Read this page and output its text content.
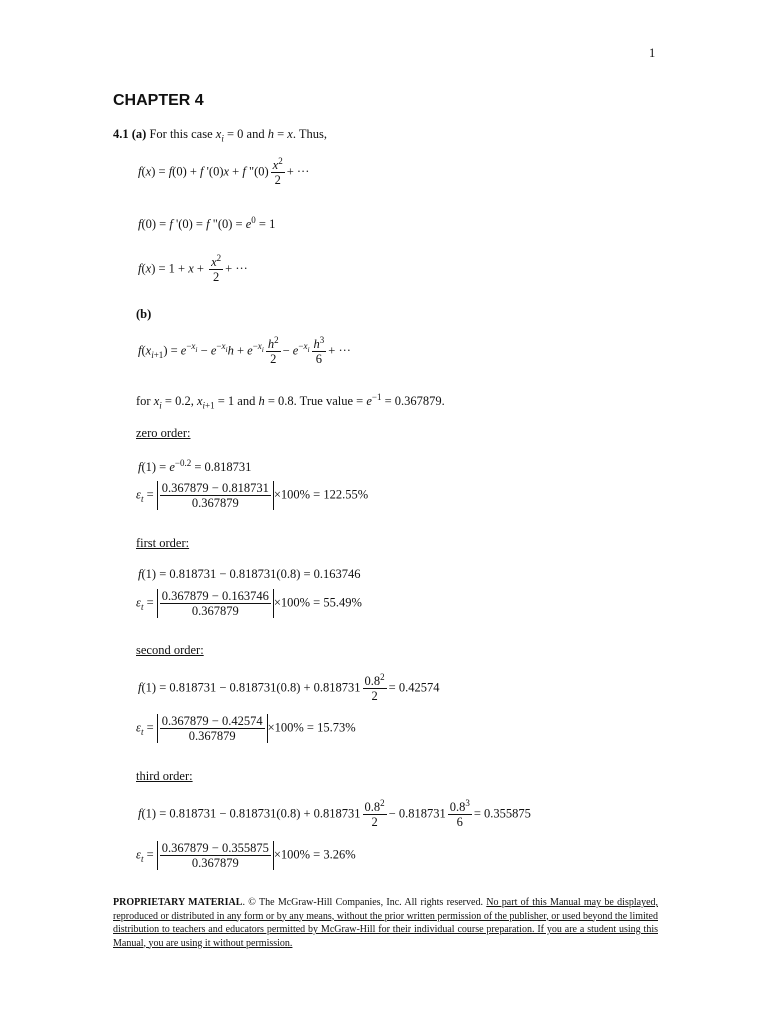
1
CHAPTER 4
4.1 (a) For this case $x_i = 0$ and h = x. Thus,
f(x) = f(0) + f '(0)x + f "$(0) \frac{x^2}{2}$ + ···
f(0) = f '(0) = f "$(0) = e^0 = 1$
$f(x) = 1 + x + \frac{x^2}{2}$ + ···
(b)
$f(x_{i+1}) = e^{-x_i} - e^{-x_i}h + e^{-x_i} \frac{h^2}{2} - e^{-x_i} \frac{h^3}{6}$ + ···
for $x_i = 0.2$, $x_{i+1} = 1$ and h = 0.8. True value = $e^{-1} = 0.367879$.
zero order:
$f(1) = e^{-0.2} = 0.818731$
$\varepsilon_t = \frac{0.367879 - 0.818731}{0.367879} \times 100\% = 122.55\%$
first order:
f(1) = 0.818731 − 0.818731(0.8) = 0.163746
$\varepsilon_t = \frac{0.367879 - 0.163746}{0.367879} \times 100\% = 55.49\%$
second order:
$f(1) = 0.818731 - 0.818731(0.8) + 0.818731 \frac{0.8^2}{2} = 0.42574$
$\varepsilon_t = \frac{0.367879 - 0.42574}{0.367879} \times 100\% = 15.73\%$
third order:
$f(1) = 0.818731 - 0.818731(0.8) + 0.818731 \frac{0.8^2}{2} - 0.818731 \frac{0.8^3}{6} = 0.355875$
$\varepsilon_t = \frac{0.367879 - 0.355875}{0.367879} \times 100\% = 3.26\%$
PROPRIETARY MATERIAL. © The McGraw-Hill Companies, Inc. All rights reserved. No part of this Manual may be displayed, reproduced or distributed in any form or by any means, without the prior written permission of the publisher, or used beyond the limited distribution to teachers and educators permitted by McGraw-Hill for their individual course preparation. If you are a student using this Manual, you are using it without permission.
